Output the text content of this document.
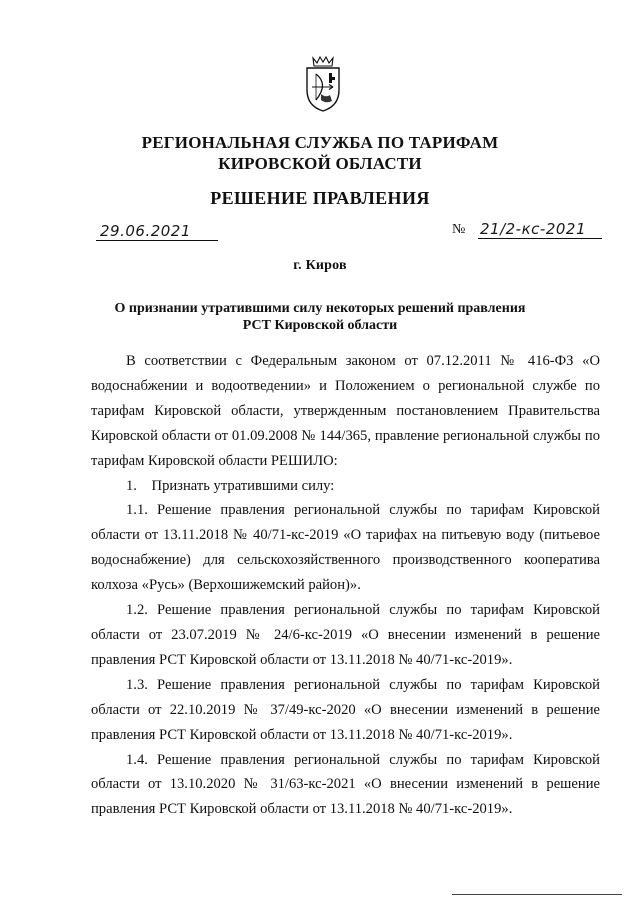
РЕГИОНАЛЬНАЯ СЛУЖБА ПО ТАРИФАМ
КИРОВСКОЙ ОБЛАСТИ
РЕШЕНИЕ ПРАВЛЕНИЯ
29.06.2021	№ 21/2-кс-2021
г. Киров
О признании утратившими силу некоторых решений правления
РСТ Кировской области

В соответствии с Федеральным законом от 07.12.2011 № 416-ФЗ «О водоснабжении и водоотведении» и Положением о региональной службе по тарифам Кировской области, утвержденным постановлением Правительства Кировской области от 01.09.2008 № 144/365, правление региональной службы по тарифам Кировской области РЕШИЛО:

1. Признать утратившими силу:

1.1. Решение правления региональной службы по тарифам Кировской области от 13.11.2018 № 40/71-кс-2019 «О тарифах на питьевую воду (питьевое водоснабжение) для сельскохозяйственного производственного кооператива колхоза «Русь» (Верхошижемский район)».

1.2. Решение правления региональной службы по тарифам Кировской области от 23.07.2019 № 24/6-кс-2019 «О внесении изменений в решение правления РСТ Кировской области от 13.11.2018 № 40/71-кс-2019».

1.3. Решение правления региональной службы по тарифам Кировской области от 22.10.2019 № 37/49-кс-2020 «О внесении изменений в решение правления РСТ Кировской области от 13.11.2018 № 40/71-кс-2019».

1.4. Решение правления региональной службы по тарифам Кировской области от 13.10.2020 № 31/63-кс-2021 «О внесении изменений в решение правления РСТ Кировской области от 13.11.2018 № 40/71-кс-2019».
